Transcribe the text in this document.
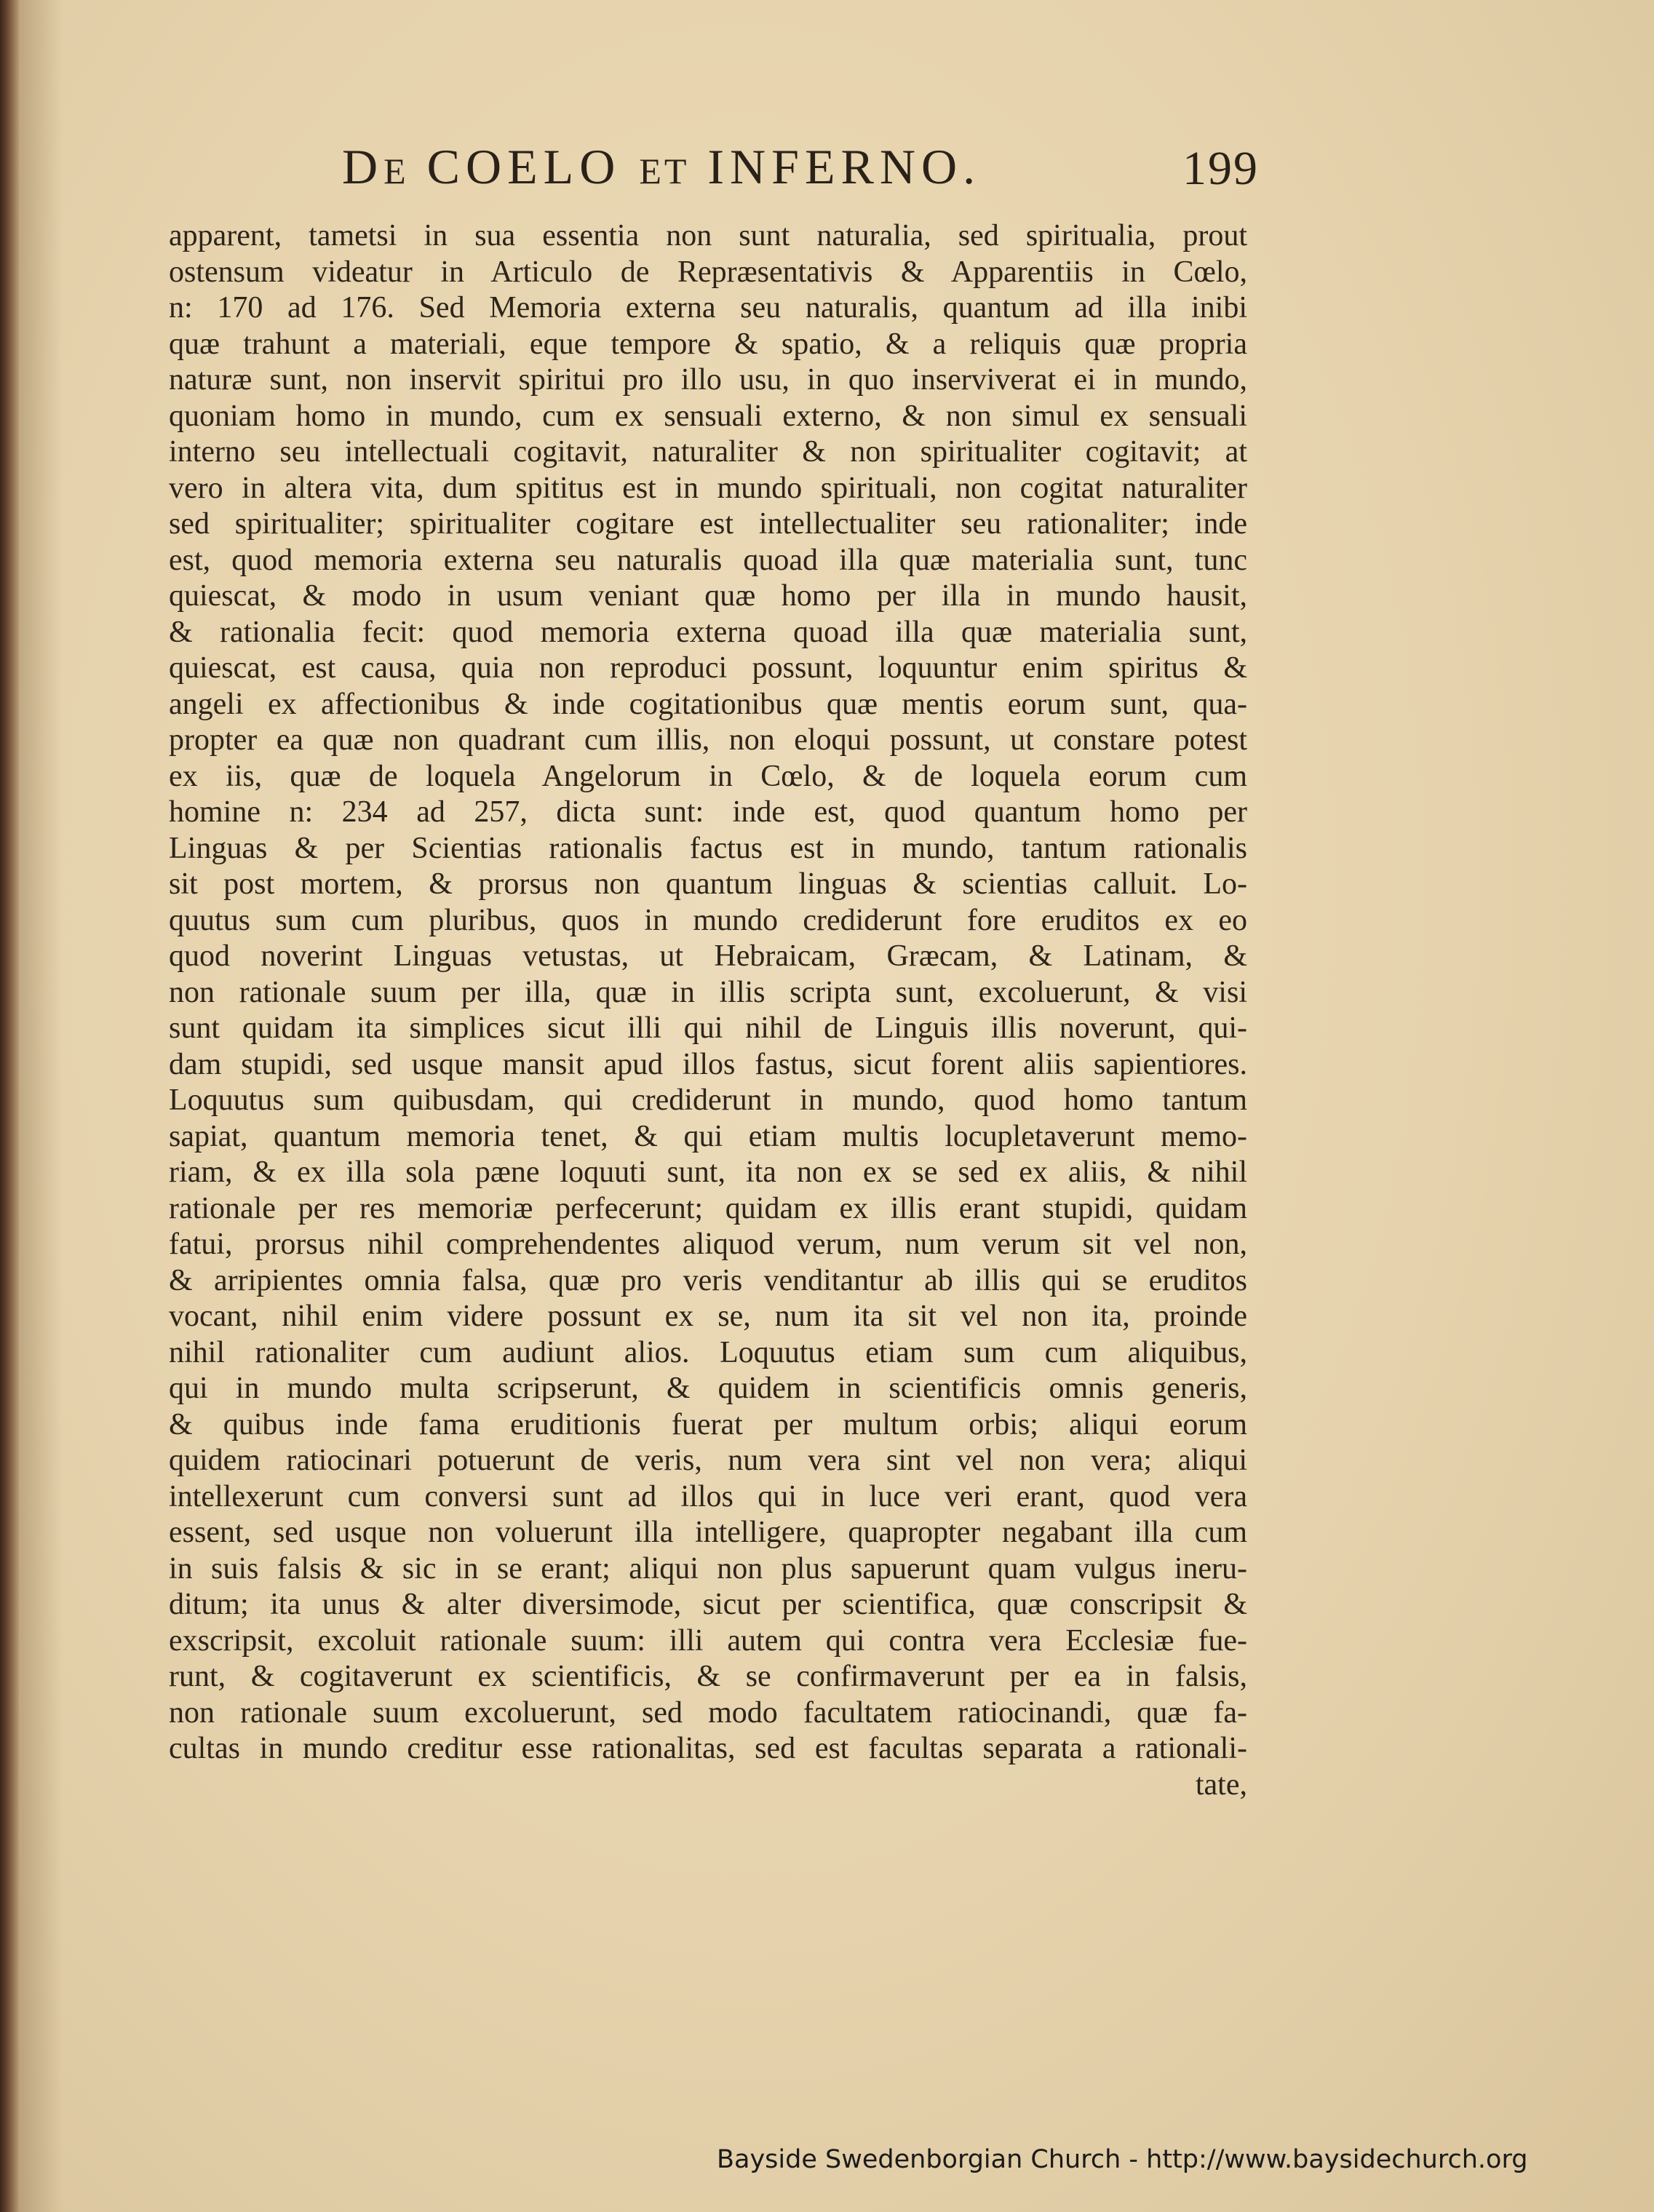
DE COELO ET INFERNO.	199
apparent, tametsi in sua essentia non sunt naturalia, sed spiritualia, prout
ostensum videatur in Articulo de Repræsentativis & Apparentiis in Cœlo,
n: 170 ad 176. Sed Memoria externa seu naturalis, quantum ad illa inibi
quæ trahunt a materiali, eque tempore & spatio, & a reliquis quæ propria
naturæ sunt, non inservit spiritui pro illo usu, in quo inserviverat ei in mundo,
quoniam homo in mundo, cum ex sensuali externo, & non simul ex sensuali
interno seu intellectuali cogitavit, naturaliter & non spiritualiter cogitavit; at
vero in altera vita, dum spititus est in mundo spirituali, non cogitat naturaliter
sed spiritualiter; spiritualiter cogitare est intellectualiter seu rationaliter; inde
est, quod memoria externa seu naturalis quoad illa quæ materialia sunt, tunc
quiescat, & modo in usum veniant quæ homo per illa in mundo hausit,
& rationalia fecit: quod memoria externa quoad illa quæ materialia sunt,
quiescat, est causa, quia non reproduci possunt, loquuntur enim spiritus &
angeli ex affectionibus & inde cogitationibus quæ mentis eorum sunt, qua-
propter ea quæ non quadrant cum illis, non eloqui possunt, ut constare potest
ex iis, quæ de loquela Angelorum in Cœlo, & de loquela eorum cum
homine n: 234 ad 257, dicta sunt: inde est, quod quantum homo per
Linguas & per Scientias rationalis factus est in mundo, tantum rationalis
sit post mortem, & prorsus non quantum linguas & scientias calluit. Lo-
quutus sum cum pluribus, quos in mundo crediderunt fore eruditos ex eo
quod noverint Linguas vetustas, ut Hebraicam, Græcam, & Latinam, &
non rationale suum per illa, quæ in illis scripta sunt, excoluerunt, & visi
sunt quidam ita simplices sicut illi qui nihil de Linguis illis noverunt, qui-
dam stupidi, sed usque mansit apud illos fastus, sicut forent aliis sapientiores.
Loquutus sum quibusdam, qui crediderunt in mundo, quod homo tantum
sapiat, quantum memoria tenet, & qui etiam multis locupletaverunt memo-
riam, & ex illa sola pæne loquuti sunt, ita non ex se sed ex aliis, & nihil
rationale per res memoriæ perfecerunt; quidam ex illis erant stupidi, quidam
fatui, prorsus nihil comprehendentes aliquod verum, num verum sit vel non,
& arripientes omnia falsa, quæ pro veris venditantur ab illis qui se eruditos
vocant, nihil enim videre possunt ex se, num ita sit vel non ita, proinde
nihil rationaliter cum audiunt alios. Loquutus etiam sum cum aliquibus,
qui in mundo multa scripserunt, & quidem in scientificis omnis generis,
& quibus inde fama eruditionis fuerat per multum orbis; aliqui eorum
quidem ratiocinari potuerunt de veris, num vera sint vel non vera; aliqui
intellexerunt cum conversi sunt ad illos qui in luce veri erant, quod vera
essent, sed usque non voluerunt illa intelligere, quapropter negabant illa cum
in suis falsis & sic in se erant; aliqui non plus sapuerunt quam vulgus ineru-
ditum; ita unus & alter diversimode, sicut per scientifica, quæ conscripsit &
exscripsit, excoluit rationale suum: illi autem qui contra vera Ecclesiæ fue-
runt, & cogitaverunt ex scientificis, & se confirmaverunt per ea in falsis,
non rationale suum excoluerunt, sed modo facultatem ratiocinandi, quæ fa-
cultas in mundo creditur esse rationalitas, sed est facultas separata a rationali-
tate,
Bayside Swedenborgian Church - http://www.baysidechurch.org
